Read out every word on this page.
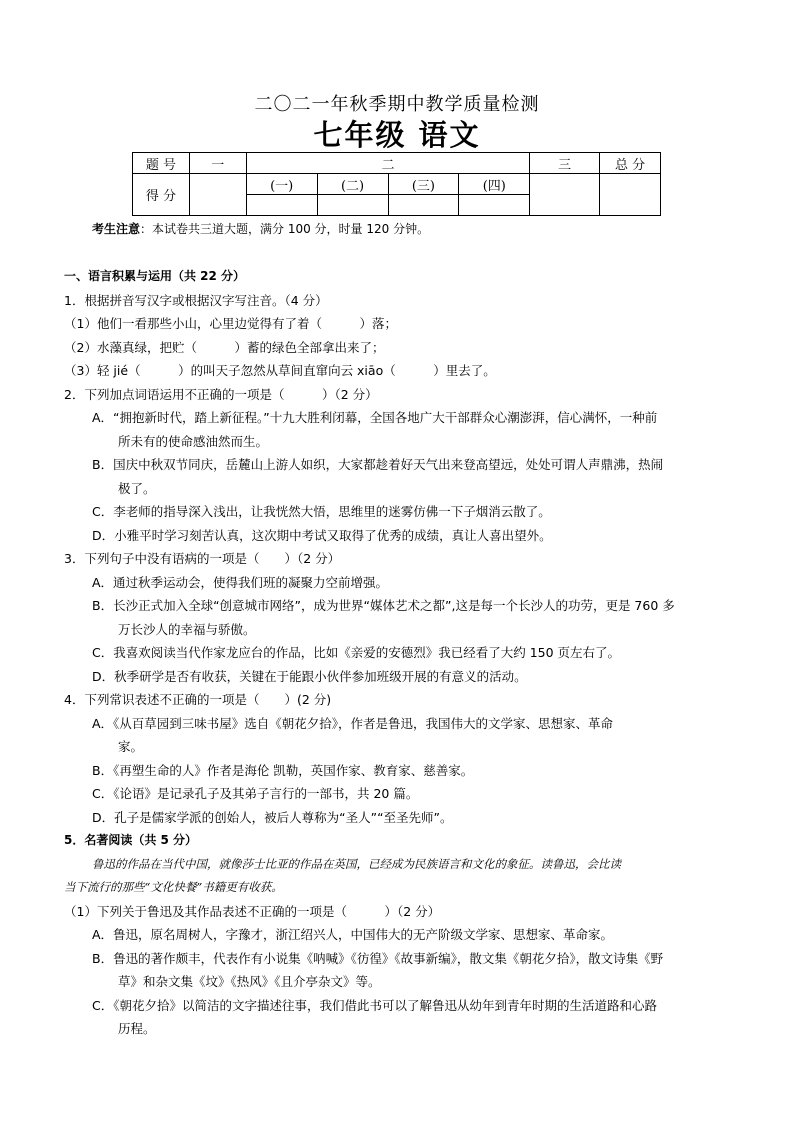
二〇二一年秋季期中教学质量检测
七年级 语文
题 号	一	二				三	总 分
得 分		(一)	(二)	(三)	(四)		

考生注意：本试卷共三道大题，满分 100 分，时量 120 分钟。
一、语言积累与运用（共 22 分）
1．根据拼音写汉字或根据汉字写注音。（4 分）
（1）他们一看那些小山，心里边觉得有了着（　　　）落；
（2）水藻真绿，把贮（　　　）蓄的绿色全部拿出来了；
（3）轻 jié（　　　）的叫天子忽然从草间直窜向云 xiāo（　　　）里去了。
2．下列加点词语运用不正确的一项是（　　　）（2 分）
A．“拥抱新时代，踏上新征程。”十九大胜利闭幕，全国各地广大干部群众心潮澎湃，信心满怀，一种前
所未有的使命感油然而生。
B．国庆中秋双节同庆，岳麓山上游人如织，大家都趁着好天气出来登高望远，处处可谓人声鼎沸，热闹
极了。
C．李老师的指导深入浅出，让我恍然大悟，思维里的迷雾仿佛一下子烟消云散了。
D．小雅平时学习刻苦认真，这次期中考试又取得了优秀的成绩，真让人喜出望外。
3．下列句子中没有语病的一项是（　　）（2 分）
A．通过秋季运动会，使得我们班的凝聚力空前增强。
B．长沙正式加入全球“创意城市网络”，成为世界“媒体艺术之都”,这是每一个长沙人的功劳，更是 760 多
万长沙人的幸福与骄傲。
C．我喜欢阅读当代作家龙应台的作品，比如《亲爱的安德烈》我已经看了大约 150 页左右了。
D．秋季研学是否有收获，关键在于能跟小伙伴参加班级开展的有意义的活动。
4．下列常识表述不正确的一项是（　　）(2 分)
A．《从百草园到三味书屋》选自《朝花夕拾》，作者是鲁迅，我国伟大的文学家、思想家、革命
家。
B．《再塑生命的人》作者是海伦 凯勒，英国作家、教育家、慈善家。
C．《论语》是记录孔子及其弟子言行的一部书，共 20 篇。
D．孔子是儒家学派的创始人，被后人尊称为“圣人”“至圣先师”。
5．名著阅读（共 5 分）
鲁迅的作品在当代中国，就像莎士比亚的作品在英国，已经成为民族语言和文化的象征。读鲁迅，会比读
当下流行的那些“文化快餐”书籍更有收获。
（1）下列关于鲁迅及其作品表述不正确的一项是（　　　）（2 分）
A．鲁迅，原名周树人，字豫才，浙江绍兴人，中国伟大的无产阶级文学家、思想家、革命家。
B．鲁迅的著作颇丰，代表作有小说集《呐喊》《彷徨》《故事新编》，散文集《朝花夕拾》，散文诗集《野
草》和杂文集《坟》《热风》《且介亭杂文》等。
C．《朝花夕拾》以简洁的文字描述往事，我们借此书可以了解鲁迅从幼年到青年时期的生活道路和心路
历程。
